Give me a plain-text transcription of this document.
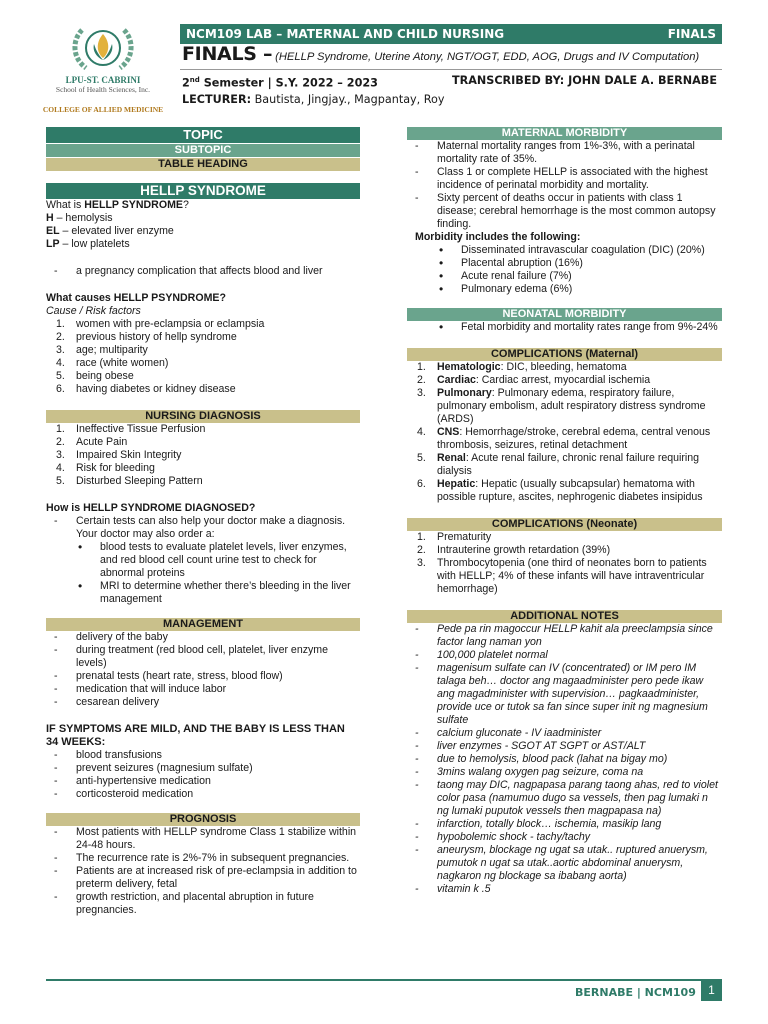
LPU-ST. CABRINI
School of Health Sciences, Inc.
COLLEGE OF ALLIED MEDICINE
NCM109 LAB – MATERNAL AND CHILD NURSING	FINALS
FINALS – (HELLP Syndrome, Uterine Atony, NGT/OGT, EDD, AOG, Drugs and IV Computation)
2nd Semester | S.Y. 2022 – 2023	TRANSCRIBED BY: JOHN DALE A. BERNABE
LECTURER: Bautista, Jingjay., Magpantay, Roy
TOPIC
SUBTOPIC
TABLE HEADING
HELLP SYNDROME

What is HELLP SYNDROME?

H – hemolysis

EL – elevated liver enzyme

LP – low platelets

- a pregnancy complication that affects blood and liver

What causes HELLP PSYNDROME?

Cause / Risk factors

1. women with pre-eclampsia or eclampsia
2. previous history of hellp syndrome
3. age; multiparity
4. race (white women)
5. being obese
6. having diabetes or kidney disease
NURSING DIAGNOSIS
1. Ineffective Tissue Perfusion
2. Acute Pain
3. Impaired Skin Integrity
4. Risk for bleeding
5. Disturbed Sleeping Pattern

How is HELLP SYNDROME DIAGNOSED?

- Certain tests can also help your doctor make a diagnosis. Your doctor may also order a:
• blood tests to evaluate platelet levels, liver enzymes, and red blood cell count urine test to check for abnormal proteins
• MRI to determine whether there’s bleeding in the liver management
MANAGEMENT
- delivery of the baby
- during treatment (red blood cell, platelet, liver enzyme levels)
- prenatal tests (heart rate, stress, blood flow)
- medication that will induce labor
- cesarean delivery

IF SYMPTOMS ARE MILD, AND THE BABY IS LESS THAN 34 WEEKS:

- blood transfusions
- prevent seizures (magnesium sulfate)
- anti-hypertensive medication
- corticosteroid medication
PROGNOSIS
- Most patients with HELLP syndrome Class 1 stabilize within 24-48 hours.
- The recurrence rate is 2%-7% in subsequent pregnancies.
- Patients are at increased risk of pre-eclampsia in addition to preterm delivery, fetal
- growth restriction, and placental abruption in future pregnancies.
MATERNAL MORBIDITY
- Maternal mortality ranges from 1%-3%, with a perinatal mortality rate of 35%.
- Class 1 or complete HELLP is associated with the highest incidence of perinatal morbidity and mortality.
- Sixty percent of deaths occur in patients with class 1 disease; cerebral hemorrhage is the most common autopsy finding.

Morbidity includes the following:

• Disseminated intravascular coagulation (DIC) (20%)
• Placental abruption (16%)
• Acute renal failure (7%)
• Pulmonary edema (6%)
NEONATAL MORBIDITY
• Fetal morbidity and mortality rates range from 9%-24%
COMPLICATIONS (Maternal)
1. Hematologic: DIC, bleeding, hematoma
2. Cardiac: Cardiac arrest, myocardial ischemia
3. Pulmonary: Pulmonary edema, respiratory failure, pulmonary embolism, adult respiratory distress syndrome (ARDS)
4. CNS: Hemorrhage/stroke, cerebral edema, central venous thrombosis, seizures, retinal detachment
5. Renal: Acute renal failure, chronic renal failure requiring dialysis
6. Hepatic: Hepatic (usually subcapsular) hematoma with possible rupture, ascites, nephrogenic diabetes insipidus
COMPLICATIONS (Neonate)
1. Prematurity
2. Intrauterine growth retardation (39%)
3. Thrombocytopenia (one third of neonates born to patients with HELLP; 4% of these infants will have intraventricular hemorrhage)
ADDITIONAL NOTES
- Pede pa rin magoccur HELLP kahit ala preeclampsia since factor lang naman yon
- 100,000 platelet normal
- magenisum sulfate can IV (concentrated) or IM pero IM talaga beh… doctor ang magaadminister pero pede ikaw ang magadminister with supervision… pagkaadminister, provide uce or tutok sa fan since super init ng magnesium sulfate
- calcium gluconate - IV iaadminister
- liver enzymes - SGOT AT SGPT or AST/ALT
- due to hemolysis, blood pack (lahat na bigay mo)
- 3mins walang oxygen pag seizure, coma na
- taong may DIC, nagpapasa parang taong ahas, red to violet color pasa (namumuo dugo sa vessels, then pag lumaki n ng lumaki puputok vessels then magpapasa na)
- infarction, totally block… ischemia, masikip lang
- hypobolemic shock - tachy/tachy
- aneurysm, blockage ng ugat sa utak.. ruptured anuerysm, pumutok n ugat sa utak..aortic abdominal anuerysm, nagkaron ng blockage sa ibabang aorta)
- vitamin k .5
BERNABE | NCM109	1
